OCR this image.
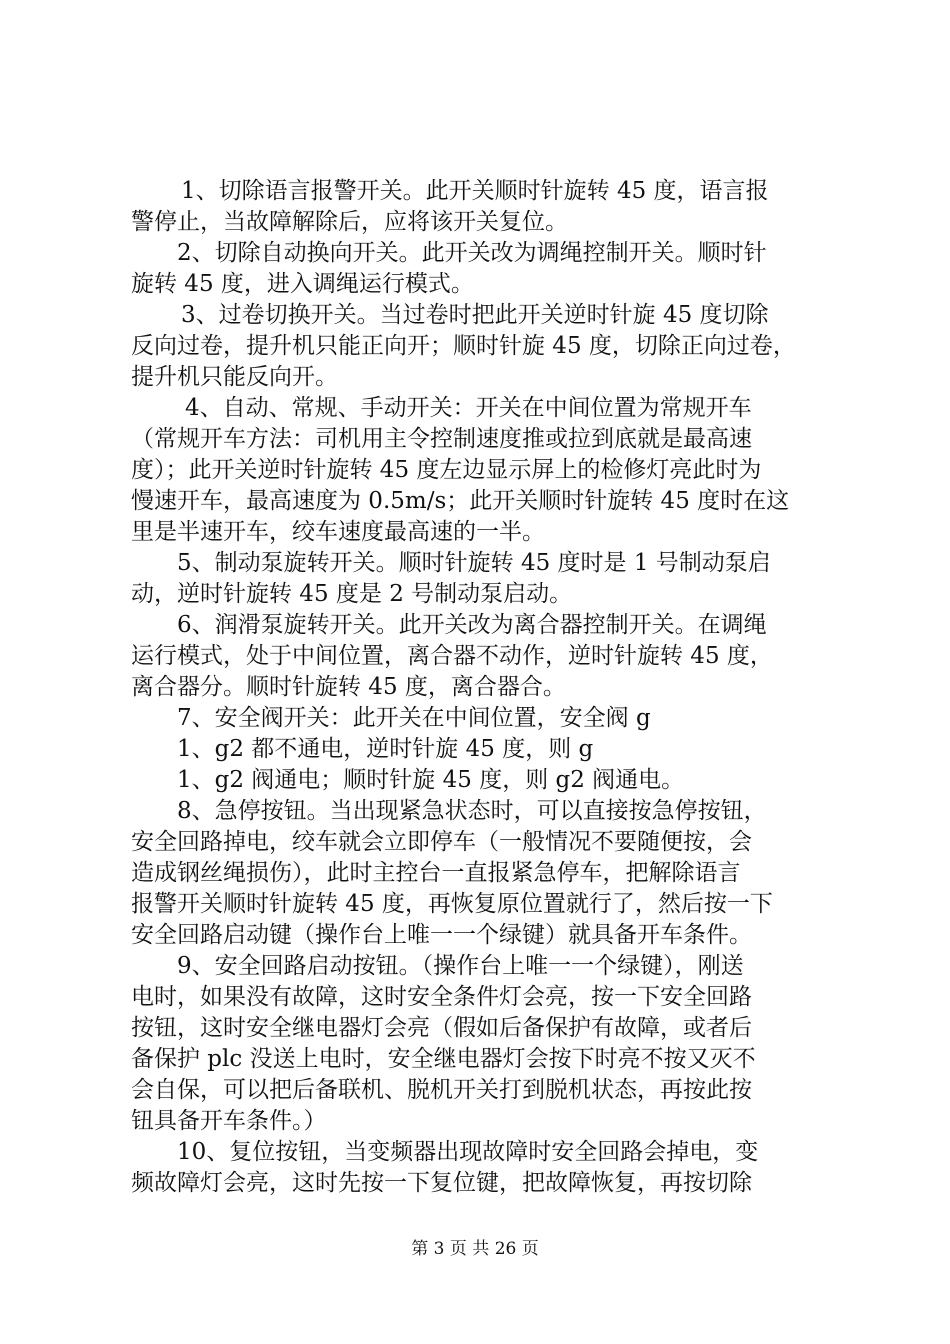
1、切除语言报警开关。此开关顺时针旋转 45 度，语言报
警停止，当故障解除后，应将该开关复位。
2、切除自动换向开关。此开关改为调绳控制开关。顺时针
旋转 45 度，进入调绳运行模式。
3、过卷切换开关。当过卷时把此开关逆时针旋 45 度切除
反向过卷，提升机只能正向开；顺时针旋 45 度，切除正向过卷，
提升机只能反向开。
4、自动、常规、手动开关：开关在中间位置为常规开车
（常规开车方法：司机用主令控制速度推或拉到底就是最高速
度）；此开关逆时针旋转 45 度左边显示屏上的检修灯亮此时为
慢速开车，最高速度为 0.5m/s；此开关顺时针旋转 45 度时在这
里是半速开车，绞车速度最高速的一半。
5、制动泵旋转开关。顺时针旋转 45 度时是 1 号制动泵启
动，逆时针旋转 45 度是 2 号制动泵启动。
6、润滑泵旋转开关。此开关改为离合器控制开关。在调绳
运行模式，处于中间位置，离合器不动作，逆时针旋转 45 度，
离合器分。顺时针旋转 45 度，离合器合。
7、安全阀开关：此开关在中间位置，安全阀 g
1、g2 都不通电，逆时针旋 45 度，则 g
1、g2 阀通电；顺时针旋 45 度，则 g2 阀通电。
8、急停按钮。当出现紧急状态时，可以直接按急停按钮，
安全回路掉电，绞车就会立即停车（一般情况不要随便按，会
造成钢丝绳损伤），此时主控台一直报紧急停车，把解除语言
报警开关顺时针旋转 45 度，再恢复原位置就行了，然后按一下
安全回路启动键（操作台上唯一一个绿键）就具备开车条件。
9、安全回路启动按钮。（操作台上唯一一个绿键），刚送
电时，如果没有故障，这时安全条件灯会亮，按一下安全回路
按钮，这时安全继电器灯会亮（假如后备保护有故障，或者后
备保护 plc 没送上电时，安全继电器灯会按下时亮不按又灭不
会自保，可以把后备联机、脱机开关打到脱机状态，再按此按
钮具备开车条件。）
10、复位按钮，当变频器出现故障时安全回路会掉电，变
频故障灯会亮，这时先按一下复位键，把故障恢复，再按切除
第 3 页 共 26 页
